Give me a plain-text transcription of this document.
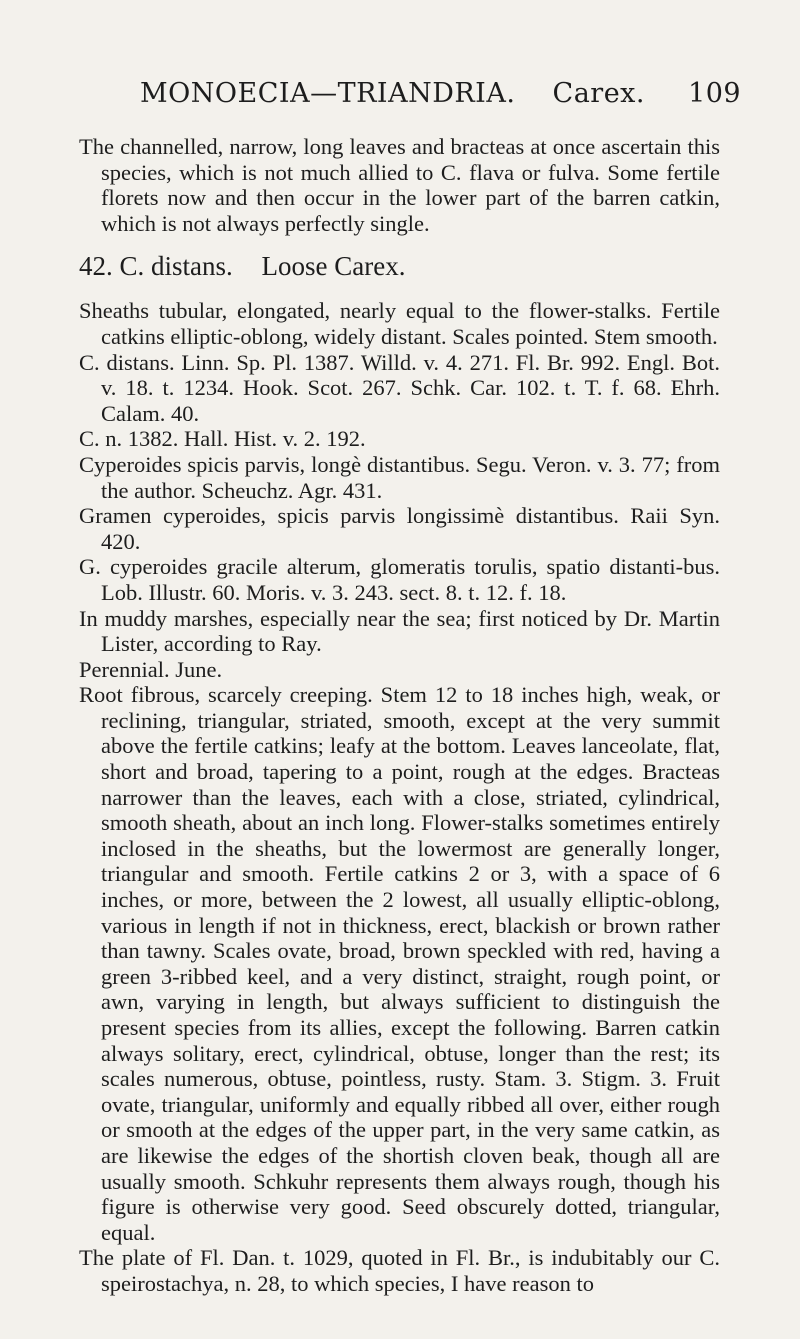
MONOECIA—TRIANDRIA. Carex. 109

The channelled, narrow, long leaves and bracteas at once ascertain this species, which is not much allied to C. flava or fulva. Some fertile florets now and then occur in the lower part of the barren catkin, which is not always perfectly single.

42. C. distans. Loose Carex.

Sheaths tubular, elongated, nearly equal to the flower-stalks. Fertile catkins elliptic-oblong, widely distant. Scales pointed. Stem smooth.

C. distans. Linn. Sp. Pl. 1387. Willd. v. 4. 271. Fl. Br. 992. Engl. Bot. v. 18. t. 1234. Hook. Scot. 267. Schk. Car. 102. t. T. f. 68. Ehrh. Calam. 40.

C. n. 1382. Hall. Hist. v. 2. 192.

Cyperoides spicis parvis, longè distantibus. Segu. Veron. v. 3. 77; from the author. Scheuchz. Agr. 431.

Gramen cyperoides, spicis parvis longissimè distantibus. Raii Syn. 420.

G. cyperoides gracile alterum, glomeratis torulis, spatio distanti-bus. Lob. Illustr. 60. Moris. v. 3. 243. sect. 8. t. 12. f. 18.

In muddy marshes, especially near the sea; first noticed by Dr. Martin Lister, according to Ray.

Perennial. June.

Root fibrous, scarcely creeping. Stem 12 to 18 inches high, weak, or reclining, triangular, striated, smooth, except at the very summit above the fertile catkins; leafy at the bottom. Leaves lanceolate, flat, short and broad, tapering to a point, rough at the edges. Bracteas narrower than the leaves, each with a close, striated, cylindrical, smooth sheath, about an inch long. Flower-stalks sometimes entirely inclosed in the sheaths, but the lowermost are generally longer, triangular and smooth. Fertile catkins 2 or 3, with a space of 6 inches, or more, between the 2 lowest, all usually elliptic-oblong, various in length if not in thickness, erect, blackish or brown rather than tawny. Scales ovate, broad, brown speckled with red, having a green 3-ribbed keel, and a very distinct, straight, rough point, or awn, varying in length, but always sufficient to distinguish the present species from its allies, except the following. Barren catkin always solitary, erect, cylindrical, obtuse, longer than the rest; its scales numerous, obtuse, pointless, rusty. Stam. 3. Stigm. 3. Fruit ovate, triangular, uniformly and equally ribbed all over, either rough or smooth at the edges of the upper part, in the very same catkin, as are likewise the edges of the shortish cloven beak, though all are usually smooth. Schkuhr represents them always rough, though his figure is otherwise very good. Seed obscurely dotted, triangular, equal.

The plate of Fl. Dan. t. 1029, quoted in Fl. Br., is indubitably our C. speirostachya, n. 28, to which species, I have reason to
